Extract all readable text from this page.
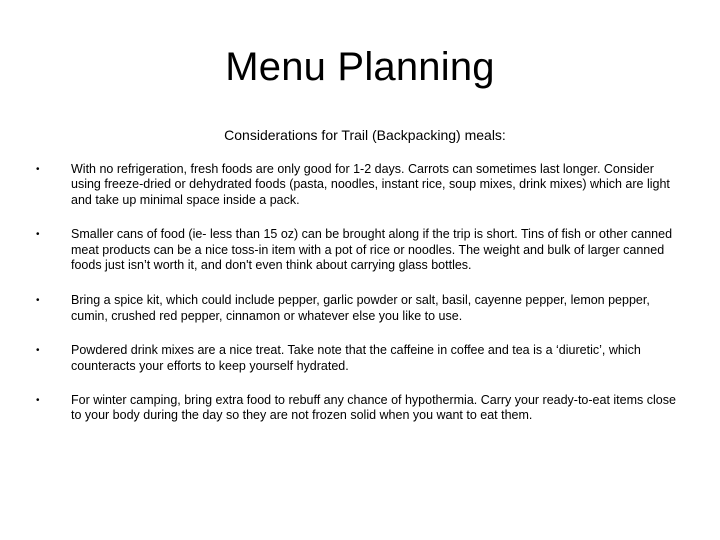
Menu Planning
Considerations for Trail (Backpacking) meals:
•	With no refrigeration, fresh foods are only good for 1-2 days. Carrots can sometimes last longer. Consider using freeze-dried or dehydrated foods (pasta, noodles, instant rice, soup mixes, drink mixes) which are light and take up minimal space inside a pack.
•	Smaller cans of food (ie- less than 15 oz) can be brought along if the trip is short. Tins of fish or other canned meat products can be a nice toss-in item with a pot of rice or noodles. The weight and bulk of larger canned foods just isn’t worth it, and don't even think about carrying glass bottles.
•	Bring a spice kit, which could include pepper, garlic powder or salt, basil, cayenne pepper, lemon pepper, cumin, crushed red pepper, cinnamon or whatever else you like to use.
•	Powdered drink mixes are a nice treat. Take note that the caffeine in coffee and tea is a ‘diuretic’, which counteracts your efforts to keep yourself hydrated.
•	For winter camping, bring extra food to rebuff any chance of hypothermia. Carry your ready-to-eat items close to your body during the day so they are not frozen solid when you want to eat them.
